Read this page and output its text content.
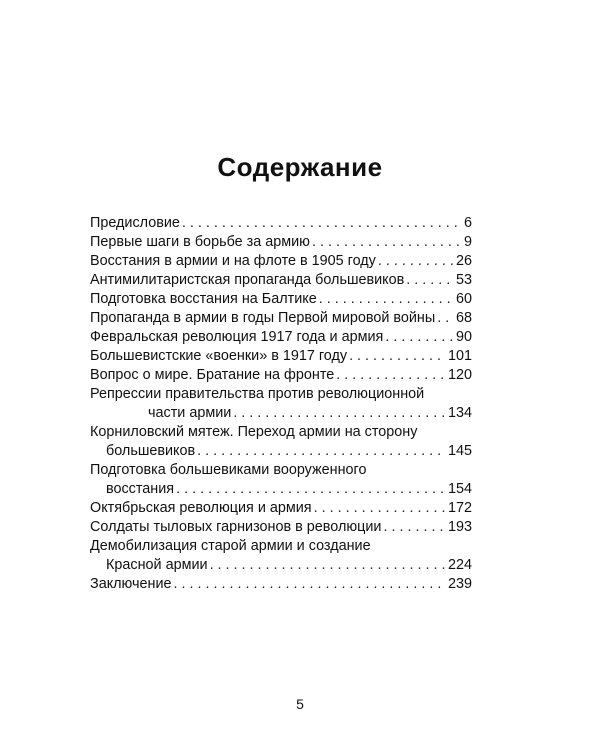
Содержание
Предисловие . . .	6
Первые шаги в борьбе за армию . . .	9
Восстания в армии и на флоте в 1905 году . . .	26
Антимилитаристская пропаганда большевиков . . .	53
Подготовка восстания на Балтике . . .	60
Пропаганда в армии в годы Первой мировой войны . . . 68
Февральская революция 1917 года и армия . . .	90
Большевистские «военки» в 1917 году . . .	101
Вопрос о мире. Братание на фронте . . .	120
Репрессии правительства против революционной
части армии . . .	134
Корниловский мятеж. Переход армии на сторону
большевиков . . .	145
Подготовка большевиками вооруженного
восстания . . .	154
Октябрьская революция и армия . . .	172
Солдаты тыловых гарнизонов в революции . . .	193
Демобилизация старой армии и создание
Красной армии . . .	224
Заключение . . .	239
5
